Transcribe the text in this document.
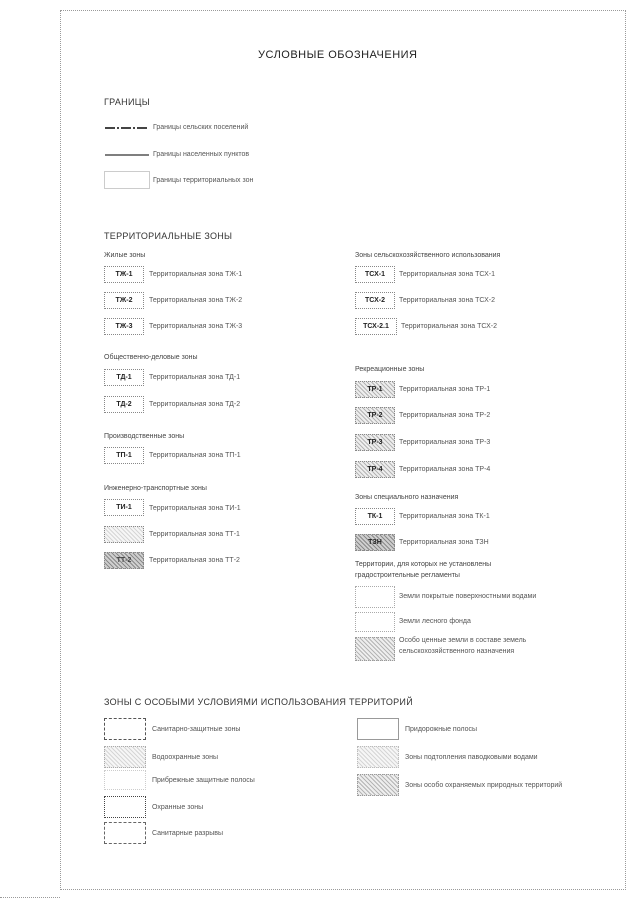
УСЛОВНЫЕ ОБОЗНАЧЕНИЯ
ГРАНИЦЫ
Границы сельских поселений
Границы населенных пунктов
Границы территориальных зон
ТЕРРИТОРИАЛЬНЫЕ ЗОНЫ
Жилые зоны
ТЖ-1	Территориальная зона ТЖ-1
ТЖ-2	Территориальная зона ТЖ-2
ТЖ-3	Территориальная зона ТЖ-3
Общественно-деловые зоны
ТД-1	Территориальная зона ТД-1
ТД-2	Территориальная зона ТД-2
Производственные зоны
ТП-1	Территориальная зона ТП-1
Инженерно-транспортные зоны
ТИ-1	Территориальная зона ТИ-1
Территориальная зона ТТ-1
ТТ-2	Территориальная зона ТТ-2
Зоны сельскохозяйственного использования
ТСХ-1	Территориальная зона ТСХ-1
ТСХ-2	Территориальная зона ТСХ-2
ТСХ-2.1	Территориальная зона ТСХ-2
Рекреационные зоны
ТР-1	Территориальная зона ТР-1
ТР-2	Территориальная зона ТР-2
ТР-3	Территориальная зона ТР-3
ТР-4	Территориальная зона ТР-4
Зоны специального назначения
ТК-1	Территориальная зона ТК-1
ТЗН	Территориальная зона ТЗН
Территории, для которых не установлены
градостроительные регламенты
Земли покрытые поверхностными водами
Земли лесного фонда
Особо ценные земли в составе земель
сельскохозяйственного назначения
ЗОНЫ С ОСОБЫМИ УСЛОВИЯМИ ИСПОЛЬЗОВАНИЯ ТЕРРИТОРИЙ
Санитарно-защитные зоны
Водоохранные зоны
Прибрежные защитные полосы
Охранные зоны
Санитарные разрывы
Придорожные полосы
Зоны подтопления паводковыми водами
Зоны особо охраняемых природных территорий
